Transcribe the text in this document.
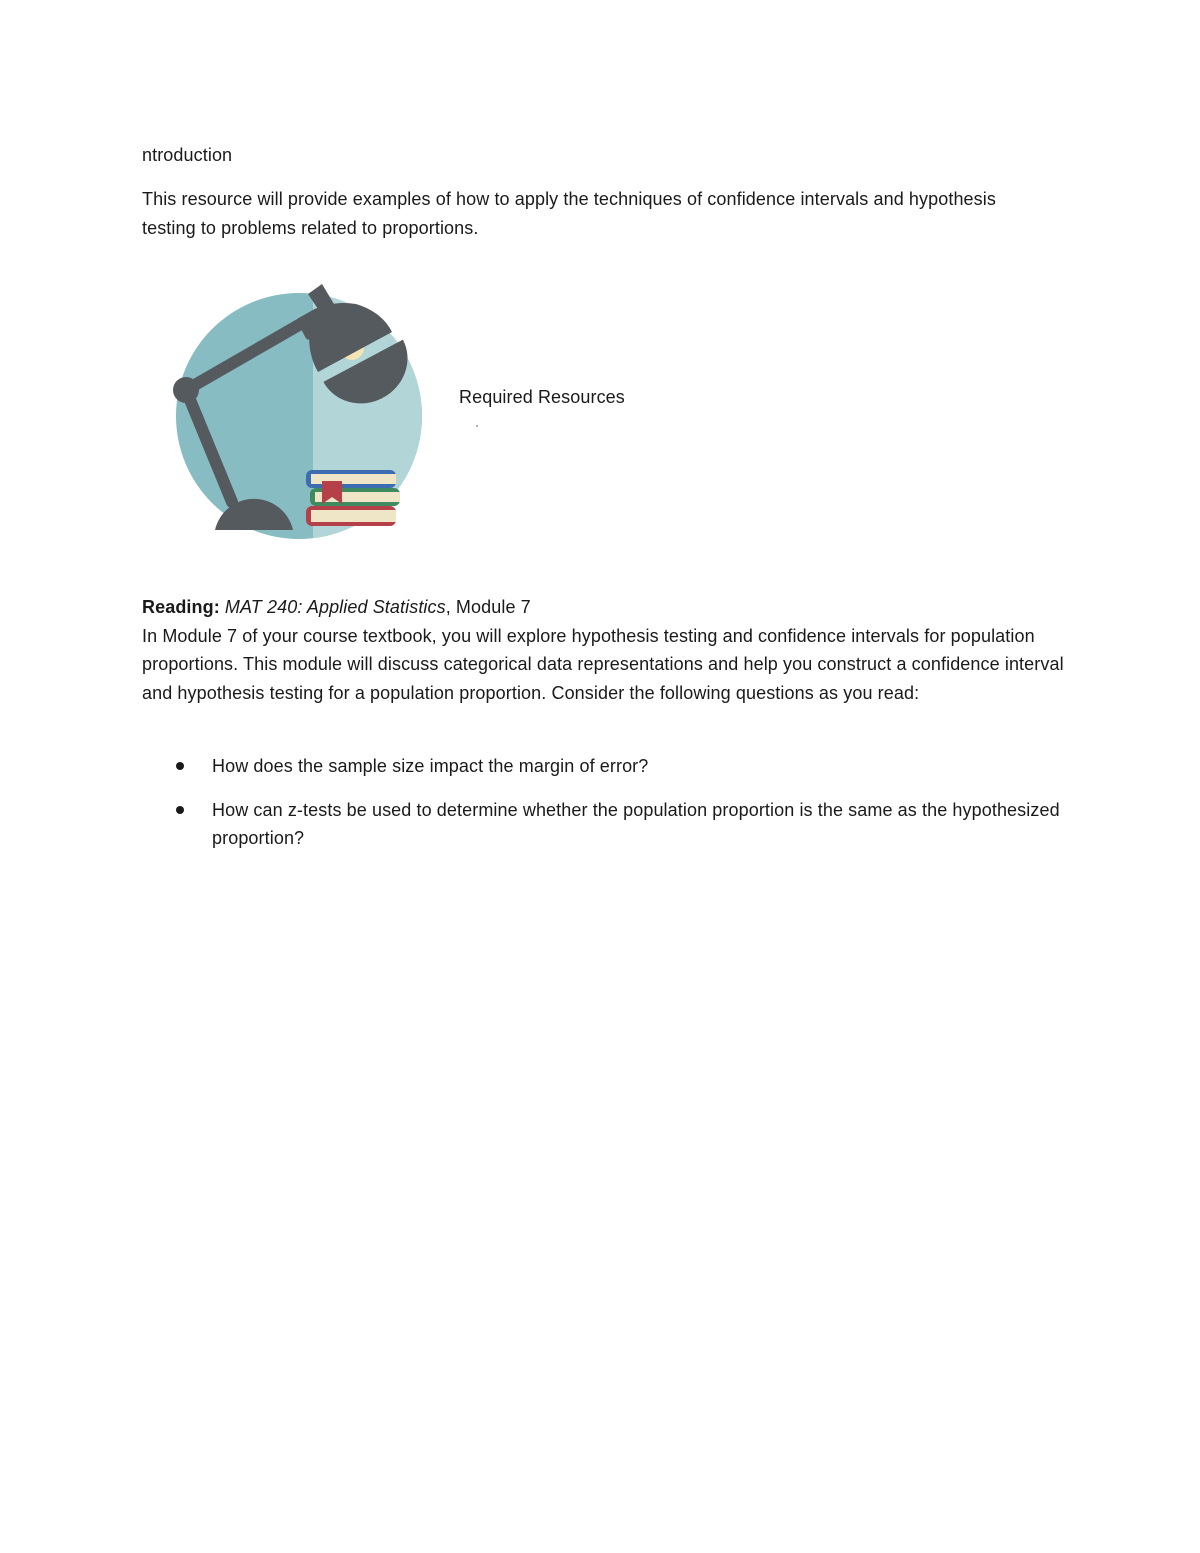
ntroduction
This resource will provide examples of how to apply the techniques of confidence intervals and hypothesis testing to problems related to proportions.
Required Resources
Reading: MAT 240: Applied Statistics, Module 7
In Module 7 of your course textbook, you will explore hypothesis testing and confidence intervals for population proportions. This module will discuss categorical data representations and help you construct a confidence interval and hypothesis testing for a population proportion. Consider the following questions as you read:
How does the sample size impact the margin of error?
How can z-tests be used to determine whether the population proportion is the same as the hypothesized proportion?
